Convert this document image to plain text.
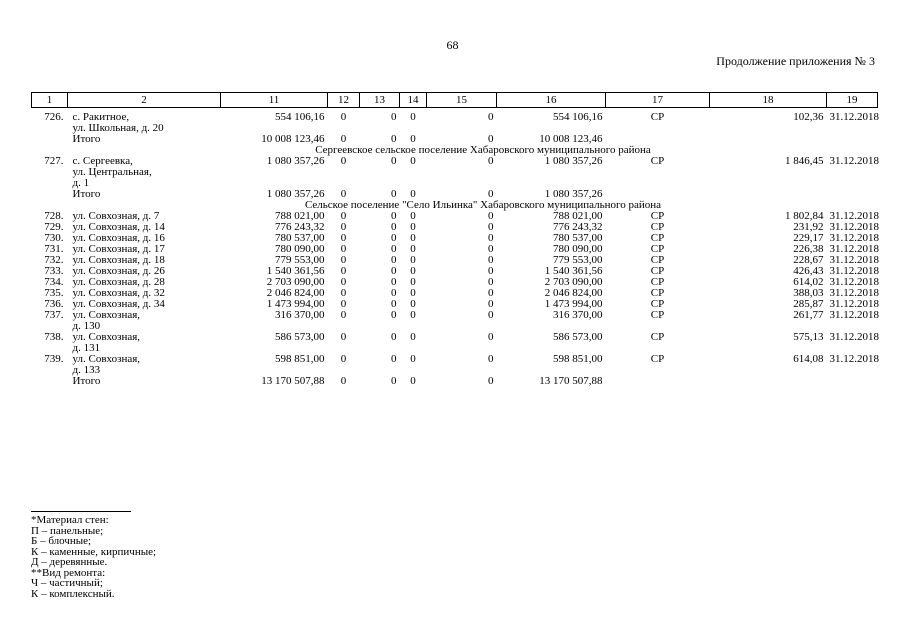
68
Продолжение приложения № 3
1	2	11	12	13	14	15	16	17	18	19

726.	с. Ракитное,
ул. Школьная, д. 20	554 106,16	0	0	0	0	554 106,16	СР	102,36	31.12.2018
	Итого	10 008 123,46	0	0	0	0	10 008 123,46			
Сергеевское сельское поселение Хабаровского муниципального района										
727.	с. Сергеевка,
ул. Центральная,
д. 1	1 080 357,26	0	0	0	0	1 080 357,26	СР	1 846,45	31.12.2018
	Итого	1 080 357,26	0	0	0	0	1 080 357,26			
Сельское поселение "Село Ильинка" Хабаровского муниципального района										
728.	ул. Совхозная, д. 7	788 021,00	0	0	0	0	788 021,00	СР	1 802,84	31.12.2018
729.	ул. Совхозная, д. 14	776 243,32	0	0	0	0	776 243,32	СР	231,92	31.12.2018
730.	ул. Совхозная, д. 16	780 537,00	0	0	0	0	780 537,00	СР	229,17	31.12.2018
731.	ул. Совхозная, д. 17	780 090,00	0	0	0	0	780 090,00	СР	226,38	31.12.2018
732.	ул. Совхозная, д. 18	779 553,00	0	0	0	0	779 553,00	СР	228,67	31.12.2018
733.	ул. Совхозная, д. 26	1 540 361,56	0	0	0	0	1 540 361,56	СР	426,43	31.12.2018
734.	ул. Совхозная, д. 28	2 703 090,00	0	0	0	0	2 703 090,00	СР	614,02	31.12.2018
735.	ул. Совхозная, д. 32	2 046 824,00	0	0	0	0	2 046 824,00	СР	388,03	31.12.2018
736.	ул. Совхозная, д. 34	1 473 994,00	0	0	0	0	1 473 994,00	СР	285,87	31.12.2018
737.	ул. Совхозная,
д. 130	316 370,00	0	0	0	0	316 370,00	СР	261,77	31.12.2018
738.	ул. Совхозная,
д. 131	586 573,00	0	0	0	0	586 573,00	СР	575,13	31.12.2018
739.	ул. Совхозная,
д. 133	598 851,00	0	0	0	0	598 851,00	СР	614,08	31.12.2018
	Итого	13 170 507,88	0	0	0	0	13 170 507,88			
*Материал стен:
П – панельные;
Б – блочные;
К – каменные, кирпичные;
Д – деревянные.
**Вид ремонта:
Ч – частичный;
К – комплексный.
